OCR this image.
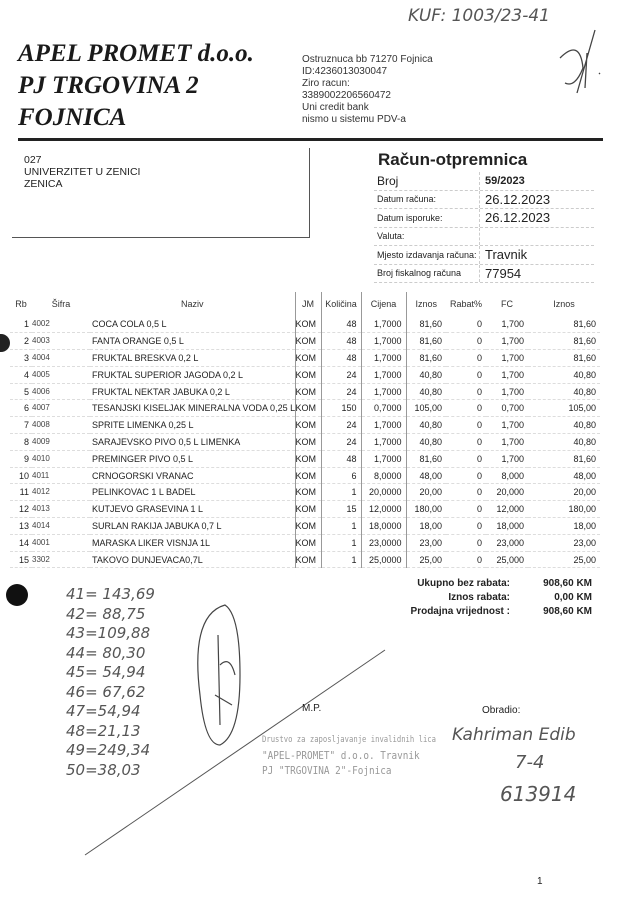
KUF: 1003/23-41
APEL PROMET d.o.o.
PJ TRGOVINA 2
FOJNICA
Ostruznuca bb 71270 Fojnica
ID:4236013030047
Ziro racun:
3389002206560472
Uni credit bank
nismo u sistemu PDV-a
027
UNIVERZITET U ZENICI
ZENICA
Račun-otpremnica
Broj	59/2023
Datum računa:	26.12.2023
Datum isporuke:	26.12.2023
Valuta:
Mjesto izdavanja računa: Travnik
Broj fiskalnog računa	77954
Rb	Šifra	Naziv	JM	Količina	Cijena	Iznos	Rabat%	FC	Iznos
1	4002	COCA COLA 0,5 L	KOM	48	1,7000	81,60	0	1,700	81,60
2	4003	FANTA ORANGE 0,5 L	KOM	48	1,7000	81,60	0	1,700	81,60
3	4004	FRUKTAL BRESKVA 0,2 L	KOM	48	1,7000	81,60	0	1,700	81,60
4	4005	FRUKTAL SUPERIOR JAGODA 0,2 L	KOM	24	1,7000	40,80	0	1,700	40,80
5	4006	FRUKTAL NEKTAR JABUKA 0,2 L	KOM	24	1,7000	40,80	0	1,700	40,80
6	4007	TESANJSKI KISELJAK MINERALNA VODA 0,25 L	KOM	150	0,7000	105,00	0	0,700	105,00
7	4008	SPRITE LIMENKA 0,25 L	KOM	24	1,7000	40,80	0	1,700	40,80
8	4009	SARAJEVSKO PIVO 0,5 L LIMENKA	KOM	24	1,7000	40,80	0	1,700	40,80
9	4010	PREMINGER PIVO 0,5 L	KOM	48	1,7000	81,60	0	1,700	81,60
10	4011	CRNOGORSKI VRANAC	KOM	6	8,0000	48,00	0	8,000	48,00
11	4012	PELINKOVAC 1 L BADEL	KOM	1	20,0000	20,00	0	20,000	20,00
12	4013	KUTJEVO GRASEVINA 1 L	KOM	15	12,0000	180,00	0	12,000	180,00
13	4014	SURLAN RAKIJA JABUKA 0,7 L	KOM	1	18,0000	18,00	0	18,000	18,00
14	4001	MARASKA LIKER VISNJA 1L	KOM	1	23,0000	23,00	0	23,000	23,00
15	3302	TAKOVO DUNJEVACA0,7L	KOM	1	25,0000	25,00	0	25,000	25,00
Ukupno bez rabata:	908,60 KM
Iznos rabata:	0,00 KM
Prodajna vrijednost :	908,60 KM
41= 143,69
42= 88,75
43=109,88
44= 80,30
45= 54,94
46= 67,62
47=54,94
48=21,13
49=249,34
50=38,03
M.P.
Drustvo za zaposljavanje invalidnih lica
"APEL-PROMET" d.o.o. Travnik
PJ "TRGOVINA 2"-Fojnica
Obradio:
Kahriman Edib
7-4
613914
1
